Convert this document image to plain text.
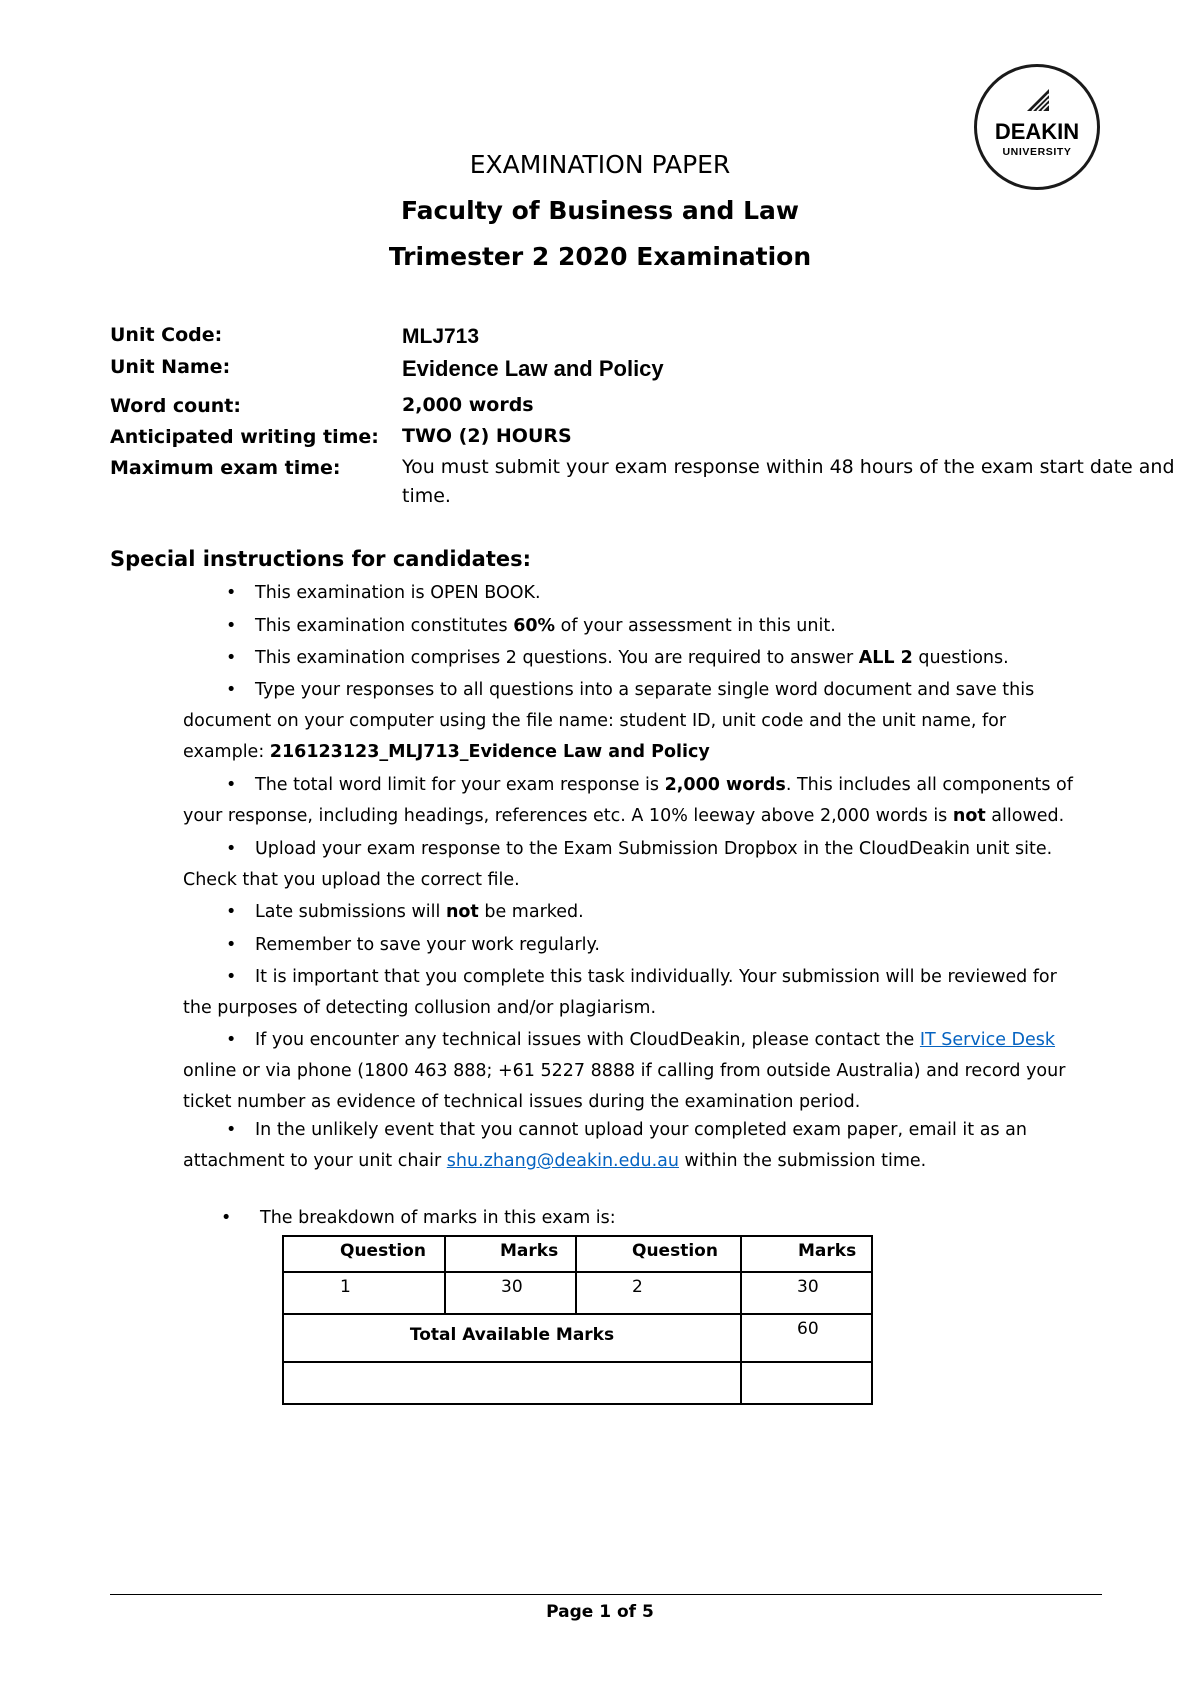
DEAKIN
UNIVERSITY
EXAMINATION PAPER
Faculty of Business and Law
Trimester 2 2020 Examination
Unit Code:	MLJ713
Unit Name:	Evidence Law and Policy
Word count:	2,000 words
Anticipated writing time: TWO (2) HOURS
Maximum exam time:	You must submit your exam response within 48 hours of the exam start date and time.
Special instructions for candidates:
•	This examination is OPEN BOOK.
•	This examination constitutes 60% of your assessment in this unit.
•	This examination comprises 2 questions. You are required to answer ALL 2 questions.
•	Type your responses to all questions into a separate single word document and save this
document on your computer using the file name: student ID, unit code and the unit name, for
example: 216123123_MLJ713_Evidence Law and Policy
•	The total word limit for your exam response is 2,000 words. This includes all components of
your response, including headings, references etc. A 10% leeway above 2,000 words is not allowed.
•	Upload your exam response to the Exam Submission Dropbox in the CloudDeakin unit site.
Check that you upload the correct file.
•	Late submissions will not be marked.
•	Remember to save your work regularly.
•	It is important that you complete this task individually. Your submission will be reviewed for
the purposes of detecting collusion and/or plagiarism.
•	If you encounter any technical issues with CloudDeakin, please contact the IT Service Desk
online or via phone (1800 463 888; +61 5227 8888 if calling from outside Australia) and record your
ticket number as evidence of technical issues during the examination period.
•	In the unlikely event that you cannot upload your completed exam paper, email it as an
attachment to your unit chair shu.zhang@deakin.edu.au within the submission time.
•	The breakdown of marks in this exam is:
Question	Marks	Question	Marks
1	30	2	30
Total Available Marks			60

Page 1 of 5
